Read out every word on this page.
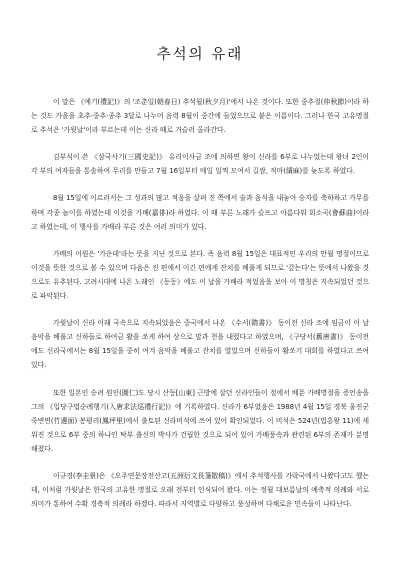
추석의 유래

이 말은 《예기(禮記)》의 '조춘일(朝春日) 추석월(秋夕月)'에서 나온 것이다. 또한 중추절(仲秋節)이라 하는 것도 가을을 초추·중추·종추 3달로 나누어 음력 8월이 중간에 들었으므로 붙은 이름이다. 그러나 한국 고유명절로 추석은 '가윗날'이라 부르는데 이는 신라 때로 거슬러 올라간다.

김부식이 쓴 《삼국사기(三國史記)》 유리이사금 조에 의하면 왕이 신라를 6부로 나누었는데 왕녀 2인이 각 부의 여자들을 통솔하여 무리를 만들고 7월 16일부터 매일 일찍 모여서 길쌈, 적마(績麻)를 늦도록 하였다.

8월 15일에 이르러서는 그 성과의 많고 적음을 살펴 진 쪽에서 술과 음식을 내놓아 승자를 축하하고 가무를 하며 각종 놀이를 하였는데 이것을 가배(嘉俳)라 하였다. 이 때 부른 노래가 슬프고 아름다워 회소곡(會蘇曲)이라고 하였는데, 이 행사를 가배라 부른 것은 여러 의미가 있다.

가배의 어원은 '가운데'라는 뜻을 지닌 것으로 본다. 즉 음력 8월 15일은 대표적인 우리의 만월 명절이므로 이것을 뜻한 것으로 볼 수 있으며 다음은 진 편에서 이긴 편에게 잔치를 베풀게 되므로 '갚는다'는 뜻에서 나왔을 것으로도 유추된다. 고려시대에 나온 노래인 《동동》에도 이 날을 가배라 적었음을 보아 이 명칭은 지속되었던 것으로 파악된다.

가윗날이 신라 이래 국속으로 지속되었음은 중국에서 나온 《수서(隋書)》 동이전 신라 조에 임금이 이 날 음악을 베풀고 신하들로 하여금 활을 쏘게 하여 상으로 말과 천을 내렸다고 하였으며, 《구당서(舊唐書)》 동이전에도 신라국에서는 8월 15일을 중히 여겨 음악을 베풀고 잔치를 열었으며 신하들이 활쏘기 대회를 하였다고 쓰여 있다.

또한 일본인 승려 원인(圓仁)도 당시 산동[山東] 근방에 살던 신라인들이 절에서 베푼 가배명절을 증언송을 그의 《입당구법순례행기(入唐求法巡禮行記)》에 기록하였다. 신라가 6부였음은 1988년 4월 15일 경북 울진군 죽변면(竹邊面) 봉평리(鳳坪里)에서 출토된 신라비석에 쓰여 있어 확인되었다. 이 비석은 524년(법흥왕 11)에 세워진 것으로 6부 중의 하나인 탁부 출신의 박사가 건립한 것으로 되어 있어 가배풍속과 관련된 6부의 존재가 분명해졌다.

이규경(李圭景)은 《오주연문장전산고(五洲衍文長箋散稿)》에서 추석행사를 가락국에서 나왔다고도 했는데, 이처럼 가윗날은 한국의 고유한 명절로 오래 전부터 인식되어 왔다. 이는 정월 대보름날의 예축적 의례와 서로 의미가 통하여 수확 경축적 의례라 하겠다. 따라서 지역별로 다양하고 풍성하며 다채로운 민속들이 나타난다.
